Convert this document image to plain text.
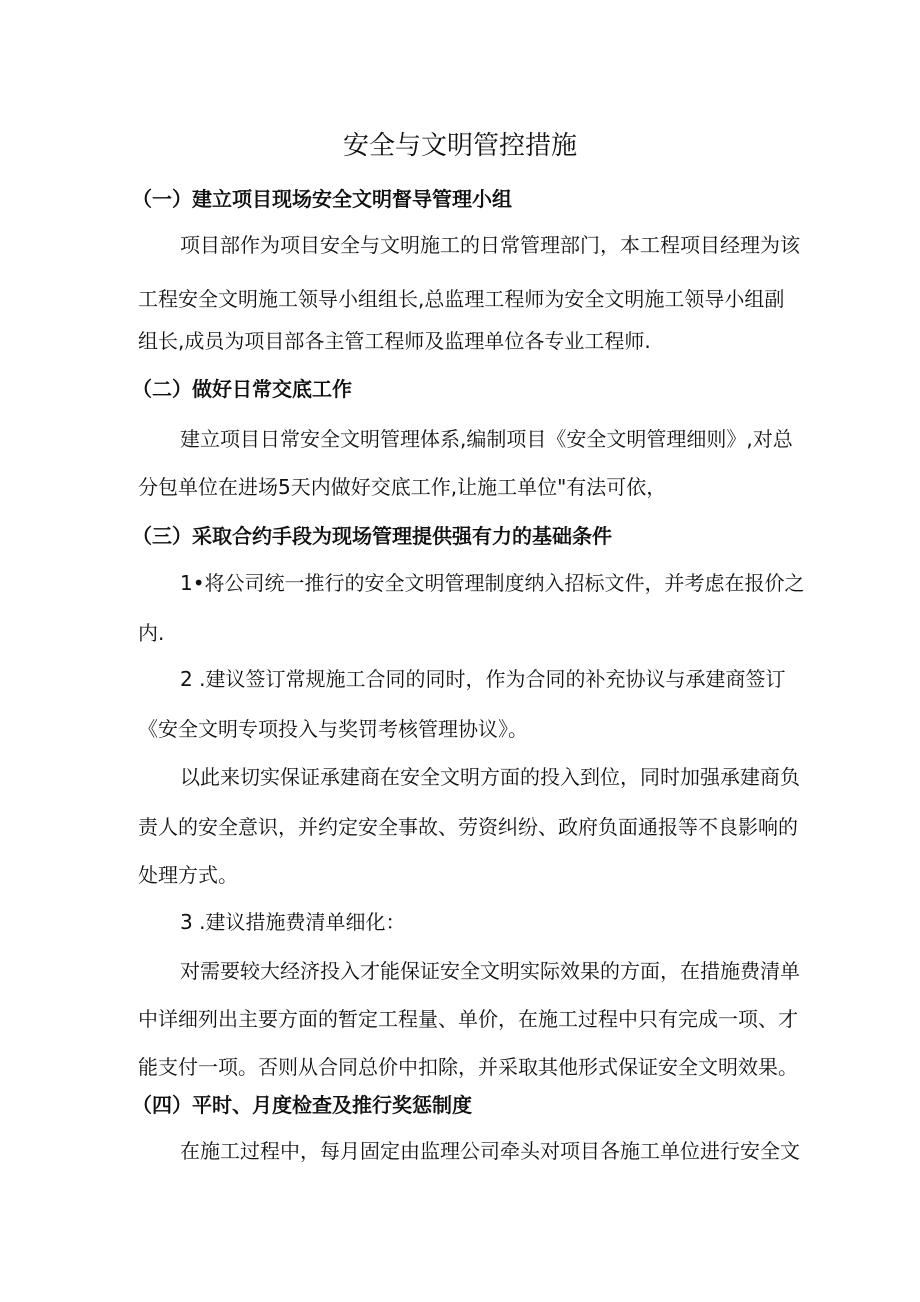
安全与文明管控措施
（一）建立项目现场安全文明督导管理小组
项目部作为项目安全与文明施工的日常管理部门，本工程项目经理为该
工程安全文明施工领导小组组长,总监理工程师为安全文明施工领导小组副
组长,成员为项目部各主管工程师及监理单位各专业工程师.
（二）做好日常交底工作
建立项目日常安全文明管理体系,编制项目《安全文明管理细则》,对总
分包单位在进场5天内做好交底工作,让施工单位"有法可依，
（三）采取合约手段为现场管理提供强有力的基础条件
1•将公司统一推行的安全文明管理制度纳入招标文件，并考虑在报价之
内.
2 .建议签订常规施工合同的同时，作为合同的补充协议与承建商签订
《安全文明专项投入与奖罚考核管理协议》。
以此来切实保证承建商在安全文明方面的投入到位，同时加强承建商负
责人的安全意识，并约定安全事故、劳资纠纷、政府负面通报等不良影响的
处理方式。
3 .建议措施费清单细化：
对需要较大经济投入才能保证安全文明实际效果的方面，在措施费清单
中详细列出主要方面的暂定工程量、单价，在施工过程中只有完成一项、才
能支付一项。否则从合同总价中扣除，并采取其他形式保证安全文明效果。
（四）平时、月度检查及推行奖惩制度
在施工过程中，每月固定由监理公司牵头对项目各施工单位进行安全文
